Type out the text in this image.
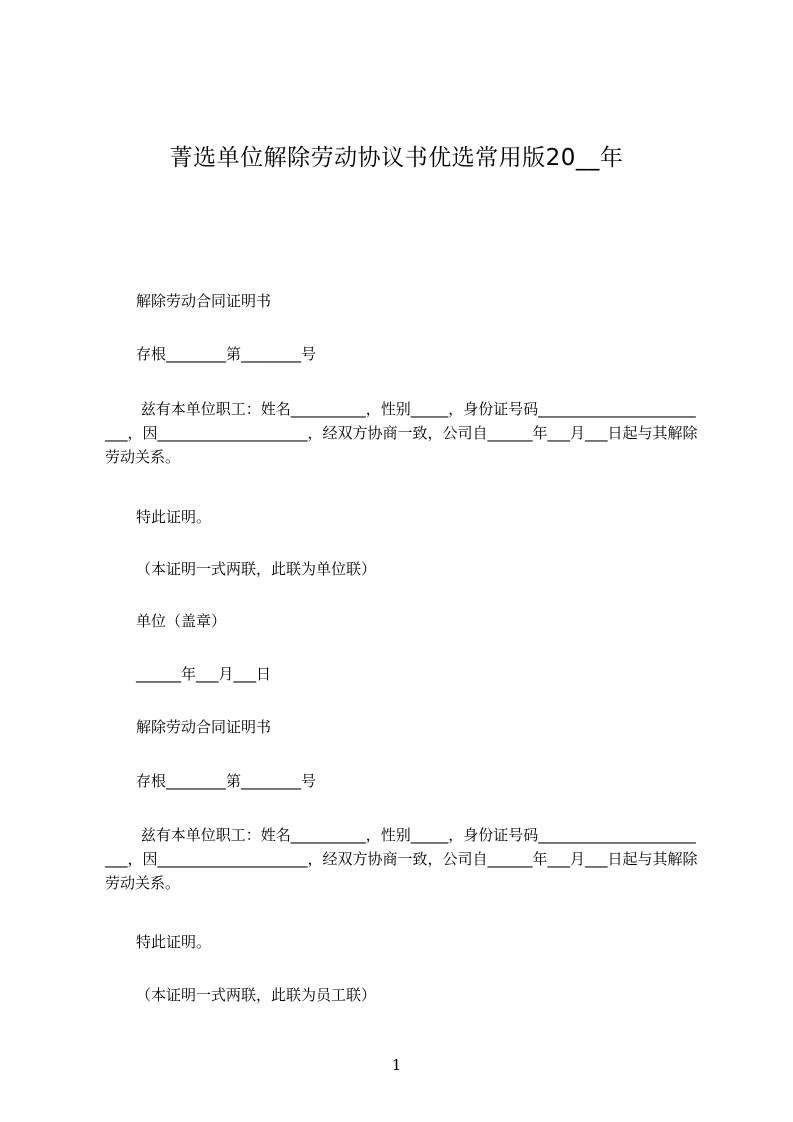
菁选单位解除劳动协议书优选常用版20__年
解除劳动合同证明书
存根________第________号
兹有本单位职工：姓名__________，性别_____，身份证号码________________________，因____________________，经双方协商一致，公司自______年___月___日起与其解除劳动关系。
特此证明。
（本证明一式两联，此联为单位联）
单位（盖章）
______年___月___日
解除劳动合同证明书
存根________第________号
兹有本单位职工：姓名__________，性别_____，身份证号码________________________，因____________________，经双方协商一致，公司自______年___月___日起与其解除劳动关系。
特此证明。
（本证明一式两联，此联为员工联）
1
